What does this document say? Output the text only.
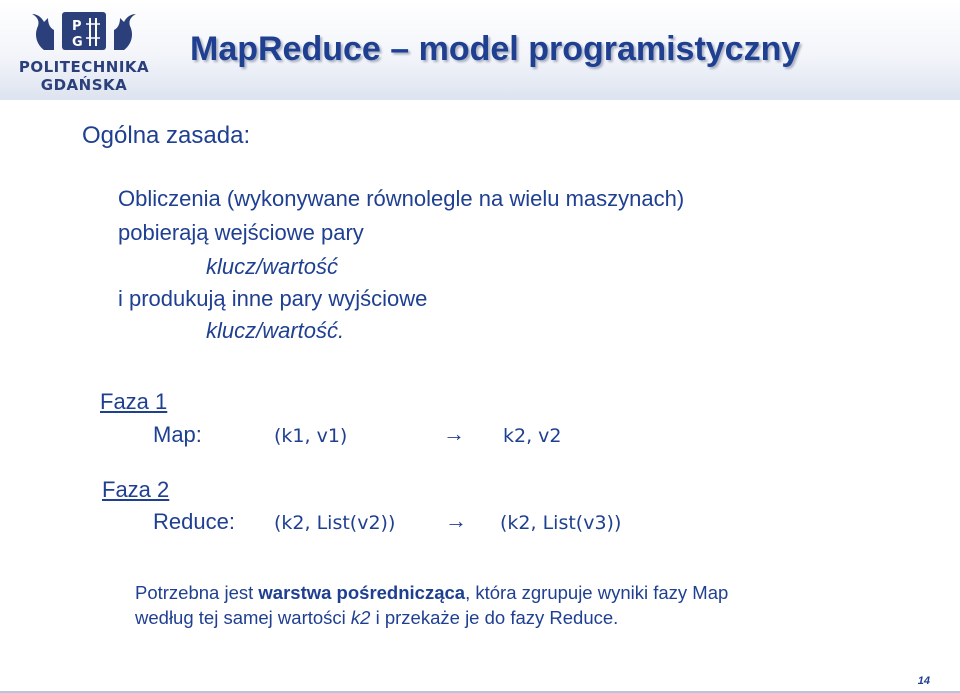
P
G
POLITECHNIKA
GDAŃSKA
MapReduce – model programistyczny
Ogólna zasada:
Obliczenia (wykonywane równolegle na wielu maszynach)
pobierają wejściowe pary
klucz/wartość
i produkują inne pary wyjściowe
klucz/wartość.
Faza 1
Map:	(k1, v1)	→ k2, v2
Faza 2
Reduce: (k2, List(v2)) → (k2, List(v3))
Potrzebna jest warstwa pośrednicząca, która zgrupuje wyniki fazy Map
według tej samej wartości k2 i przekaże je do fazy Reduce.
14
